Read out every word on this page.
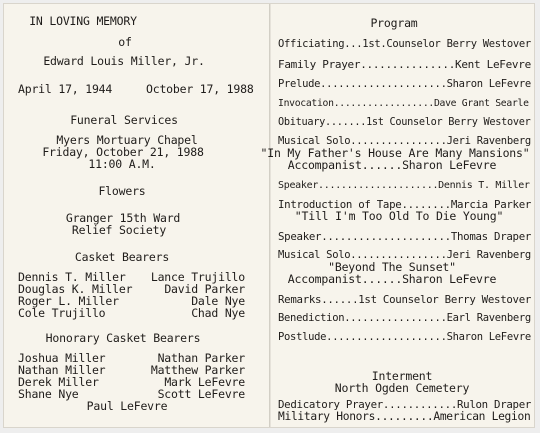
IN LOVING MEMORY
of
Edward Louis Miller, Jr.
April 17, 1944	October 17, 1988
Funeral Services
Myers Mortuary Chapel
Friday, October 21, 1988
11:00 A.M.
Flowers
Granger 15th Ward
Relief Society
Casket Bearers
Dennis T. Miller
Douglas K. Miller
Roger L. Miller
Cole Trujillo
Lance Trujillo
David Parker
Dale Nye
Chad Nye
Honorary Casket Bearers
Joshua Miller
Nathan Miller
Derek Miller
Shane Nye
Nathan Parker
Matthew Parker
Mark LeFevre
Scott LeFevre
Paul LeFevre
Program
Officiating...1st.Counselor Berry Westover
Family Prayer...............Kent LeFevre
Prelude.....................Sharon LeFevre
Invocation..................Dave Grant Searle
Obituary.......1st Counselor Berry Westover
Musical Solo................Jeri Ravenberg
"In My Father's House Are Many Mansions"
Accompanist......Sharon LeFevre
Speaker.....................Dennis T. Miller
Introduction of Tape........Marcia Parker
"Till I'm Too Old To Die Young"
Speaker.....................Thomas Draper
Musical Solo................Jeri Ravenberg
"Beyond The Sunset"
Accompanist......Sharon LeFevre
Remarks......1st Counselor Berry Westover
Benediction.................Earl Ravenberg
Postlude....................Sharon LeFevre
Interment
North Ogden Cemetery
Dedicatory Prayer............Rulon Draper
Military Honors.........American Legion
